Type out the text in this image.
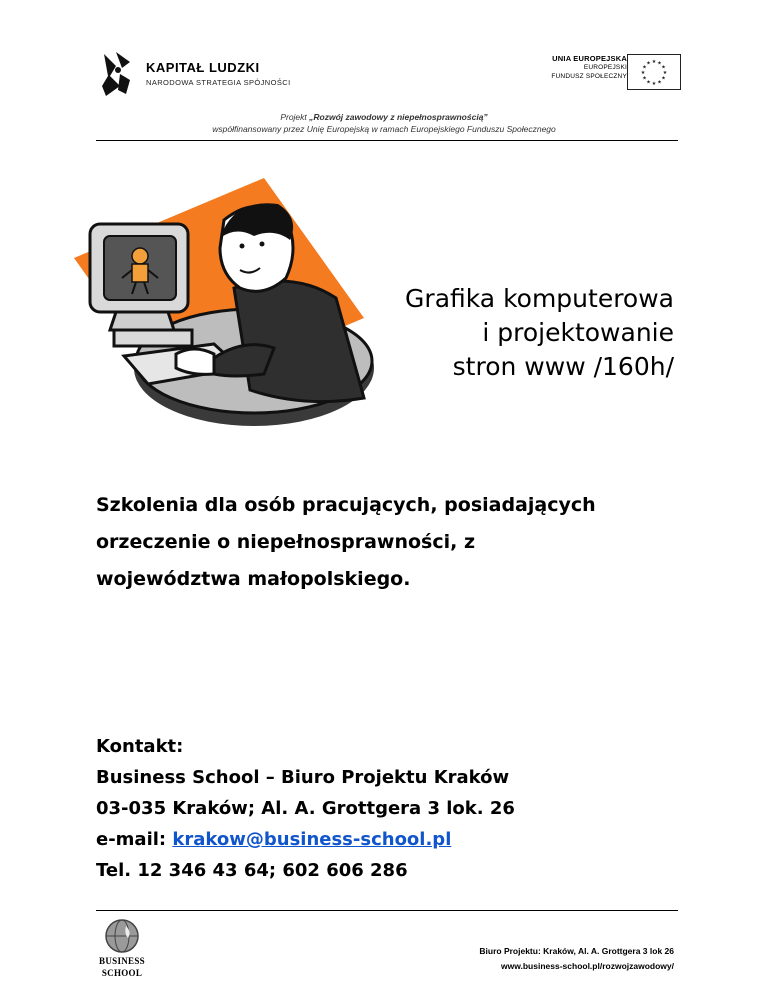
KAPITAŁ LUDZKI
NARODOWA STRATEGIA SPÓJNOŚCI
UNIA EUROPEJSKA
EUROPEJSKI
FUNDUSZ SPOŁECZNY
★ ★
★
★
★
★
★
★
★
★
★
★
Projekt „Rozwój zawodowy z niepełnosprawnością”
współfinansowany przez Unię Europejską w ramach Europejskiego Funduszu Społecznego
Grafika komputerowa
i projektowanie
stron www /160h/
Szkolenia dla osób pracujących, posiadających
orzeczenie o niepełnosprawności, z
województwa małopolskiego.
Kontakt:
Business School – Biuro Projektu Kraków
03-035 Kraków; Al. A. Grottgera 3 lok. 26
e-mail: krakow@business-school.pl
Tel. 12 346 43 64; 602 606 286
BUSINESS
SCHOOL
Biuro Projektu: Kraków, Al. A. Grottgera 3 lok 26
www.business-school.pl/rozwojzawodowy/
